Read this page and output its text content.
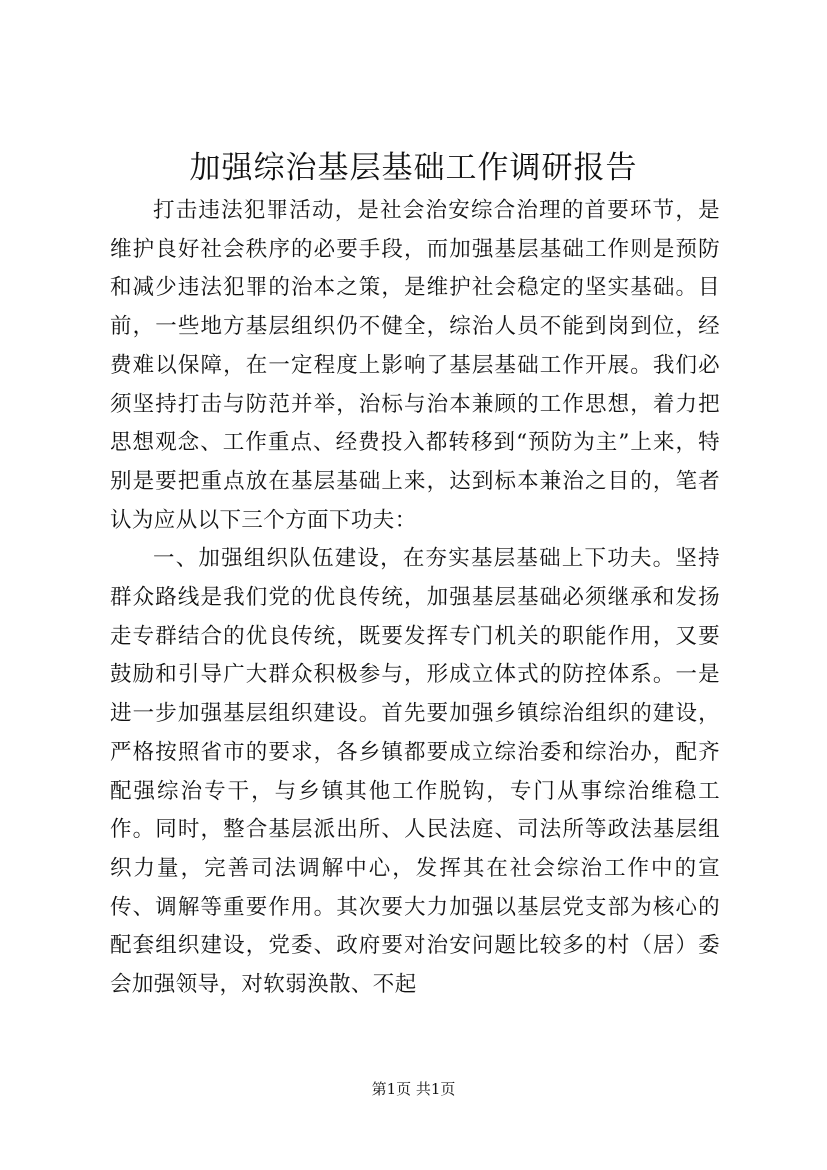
加强综治基层基础工作调研报告

打击违法犯罪活动，是社会治安综合治理的首要环节，是维护良好社会秩序的必要手段，而加强基层基础工作则是预防和减少违法犯罪的治本之策，是维护社会稳定的坚实基础。目前，一些地方基层组织仍不健全，综治人员不能到岗到位，经费难以保障，在一定程度上影响了基层基础工作开展。我们必须坚持打击与防范并举，治标与治本兼顾的工作思想，着力把思想观念、工作重点、经费投入都转移到“预防为主”上来，特别是要把重点放在基层基础上来，达到标本兼治之目的，笔者认为应从以下三个方面下功夫：

一、加强组织队伍建设，在夯实基层基础上下功夫。坚持群众路线是我们党的优良传统，加强基层基础必须继承和发扬走专群结合的优良传统，既要发挥专门机关的职能作用，又要鼓励和引导广大群众积极参与，形成立体式的防控体系。一是进一步加强基层组织建设。首先要加强乡镇综治组织的建设，严格按照省市的要求，各乡镇都要成立综治委和综治办，配齐配强综治专干，与乡镇其他工作脱钩，专门从事综治维稳工作。同时，整合基层派出所、人民法庭、司法所等政法基层组织力量，完善司法调解中心，发挥其在社会综治工作中的宣传、调解等重要作用。其次要大力加强以基层党支部为核心的配套组织建设，党委、政府要对治安问题比较多的村（居）委会加强领导，对软弱涣散、不起

第1页 共1页
